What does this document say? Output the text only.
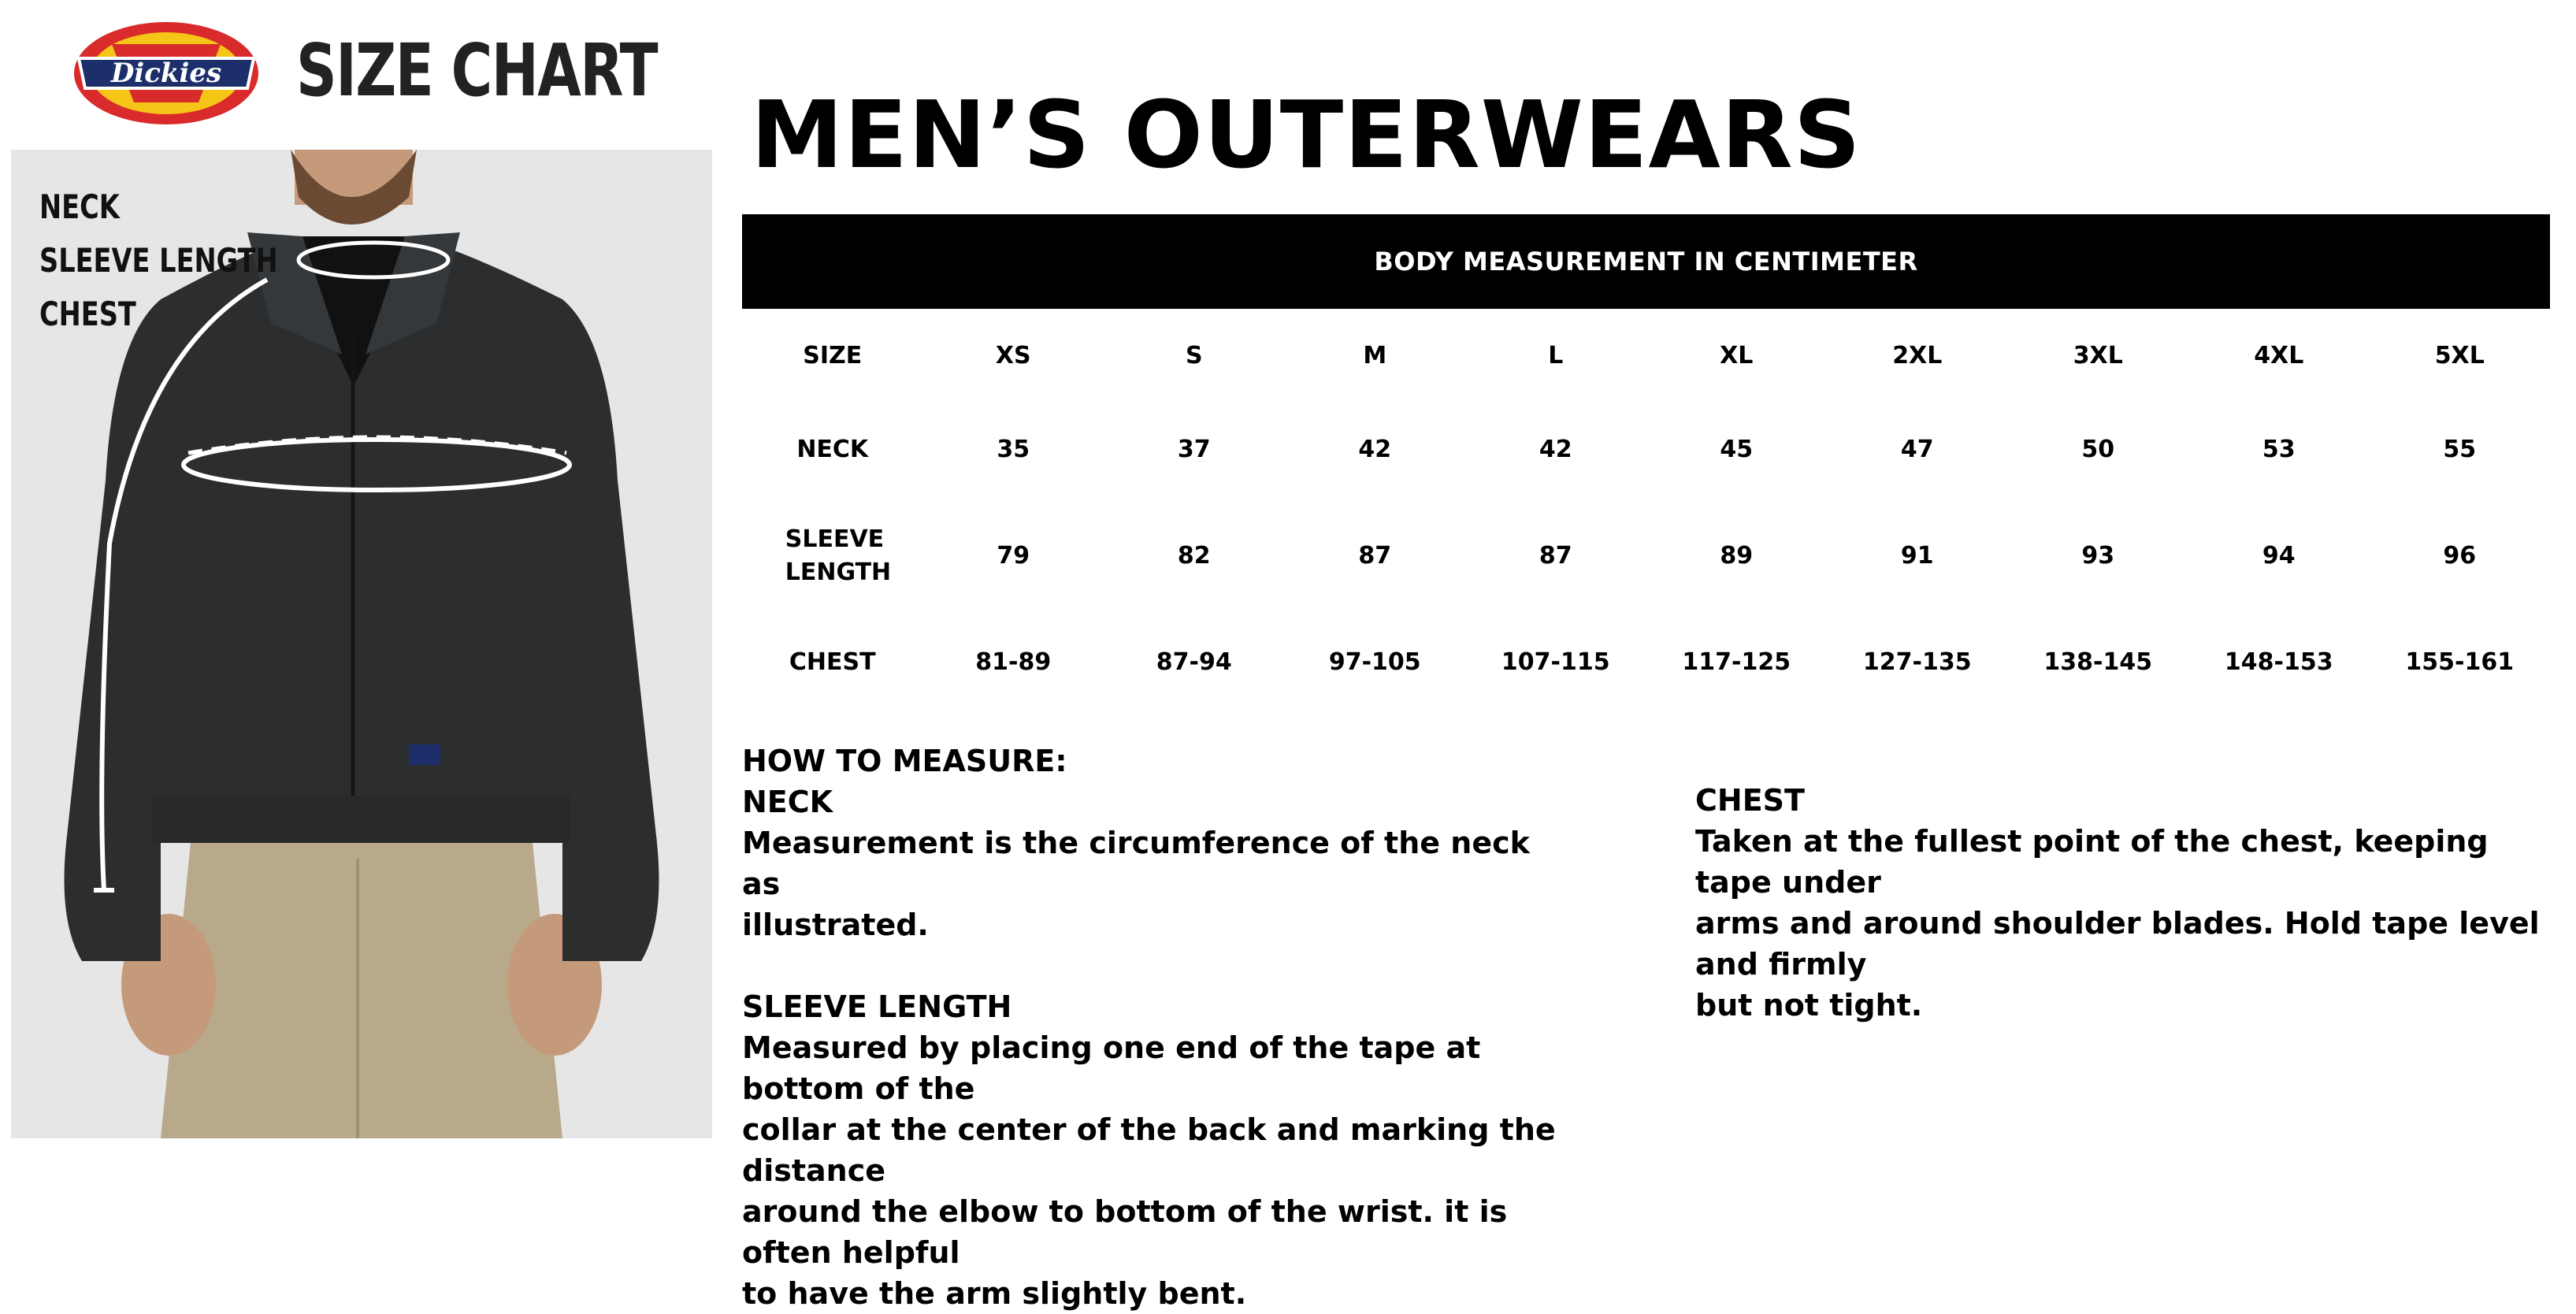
Dickies SIZE CHART
NECK
SLEEVE LENGTH
CHEST
MEN’S OUTERWEARS
BODY MEASUREMENT IN CENTIMETER
SIZE	XS	S	M	L	XL	2XL	3XL	4XL	5XL
NECK	35	37	42	42	45	47	50	53	55
SLEEVE LENGTH	79	82	87	87	89	91	93	94	96
CHEST	81-89	87-94	97-105	107-115	117-125	127-135	138-145	148-153	155-161
HOW TO MEASURE:
NECK
Measurement is the circumference of the neck as
illustrated.
SLEEVE LENGTH
Measured by placing one end of the tape at bottom of the
collar at the center of the back and marking the distance
around the elbow to bottom of the wrist. it is often helpful
to have the arm slightly bent.
CHEST
Taken at the fullest point of the chest, keeping tape under
arms and around shoulder blades. Hold tape level and firmly
but not tight.
